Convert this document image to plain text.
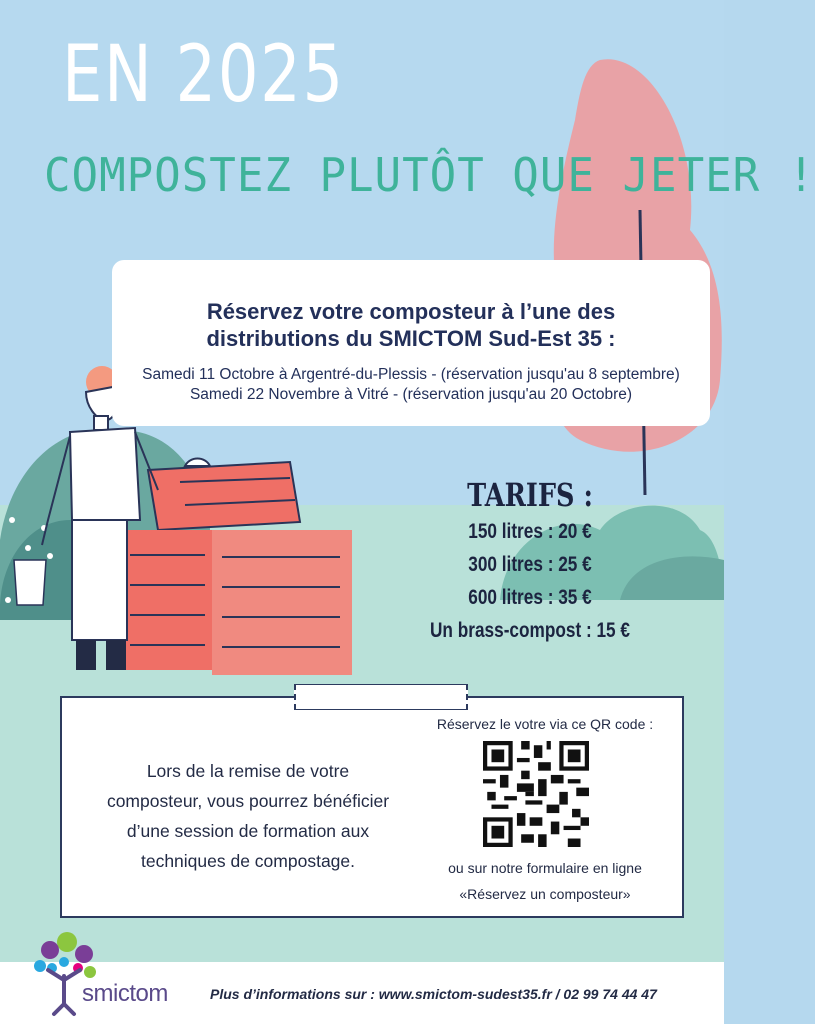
EN 2025
COMPOSTEZ PLUTÔT QUE JETER !
Réservez votre composteur à l’une des
distributions du SMICTOM Sud-Est 35 :
Samedi 11 Octobre à Argentré-du-Plessis - (réservation jusqu'au 8 septembre)
Samedi 22 Novembre à Vitré - (réservation jusqu'au 20 Octobre)
TARIFS :
150 litres : 20 €
300 litres : 25 €
600 litres : 35 €
Un brass-compost : 15 €
Lors de la remise de votre
composteur, vous pourrez bénéficier
d’une session de formation aux
techniques de compostage.
Réservez le votre via ce QR code :
ou sur notre formulaire en ligne
«Réservez un composteur»
smictom	Plus d’informations sur : www.smictom-sudest35.fr / 02 99 74 44 47
